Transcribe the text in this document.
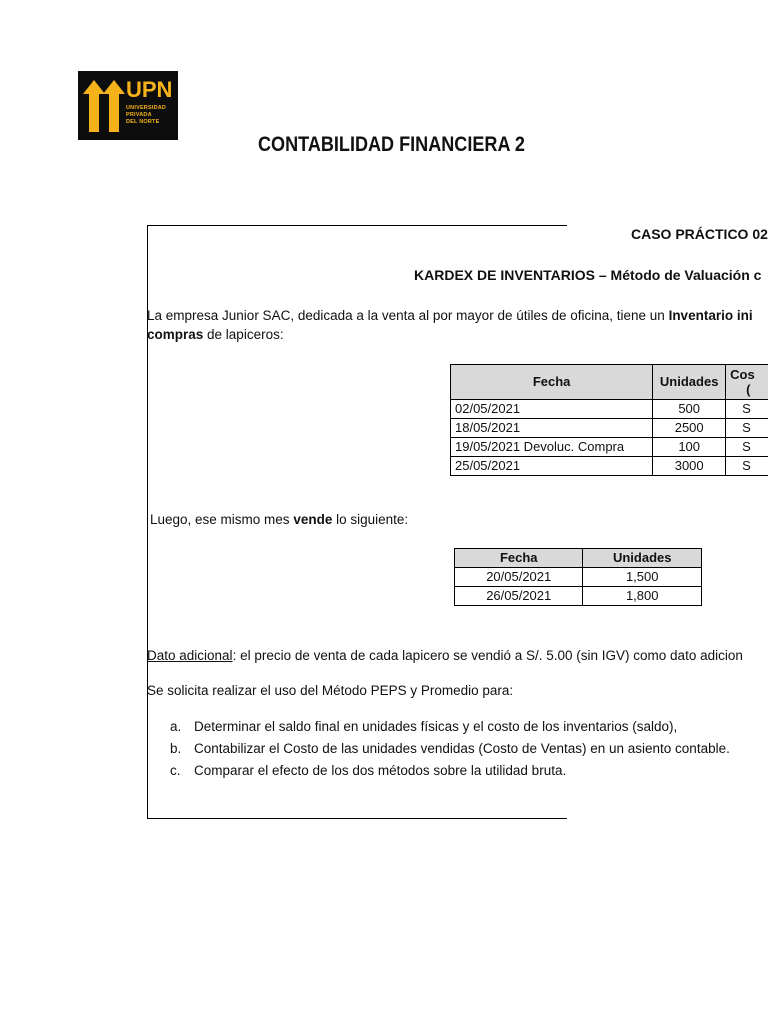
UPN
UNIVERSIDAD
PRIVADA
DEL NORTE
CONTABILIDAD FINANCIERA 2
CASO PRÁCTICO 02
KARDEX DE INVENTARIOS – Método de Valuación c
La empresa Junior SAC, dedicada a la venta al por mayor de útiles de oficina, tiene un Inventario ini
compras de lapiceros:
Fecha	Unidades	Cos
(
02/05/2021	500	S
18/05/2021	2500	S
19/05/2021 Devoluc. Compra	100	S
25/05/2021	3000	S
Luego, ese mismo mes vende lo siguiente:
Fecha	Unidades
20/05/2021	1,500
26/05/2021	1,800
Dato adicional: el precio de venta de cada lapicero se vendió a S/. 5.00 (sin IGV) como dato adicion
Se solicita realizar el uso del Método PEPS y Promedio para:
a. Determinar el saldo final en unidades físicas y el costo de los inventarios (saldo),
b. Contabilizar el Costo de las unidades vendidas (Costo de Ventas) en un asiento contable.
c. Comparar el efecto de los dos métodos sobre la utilidad bruta.
